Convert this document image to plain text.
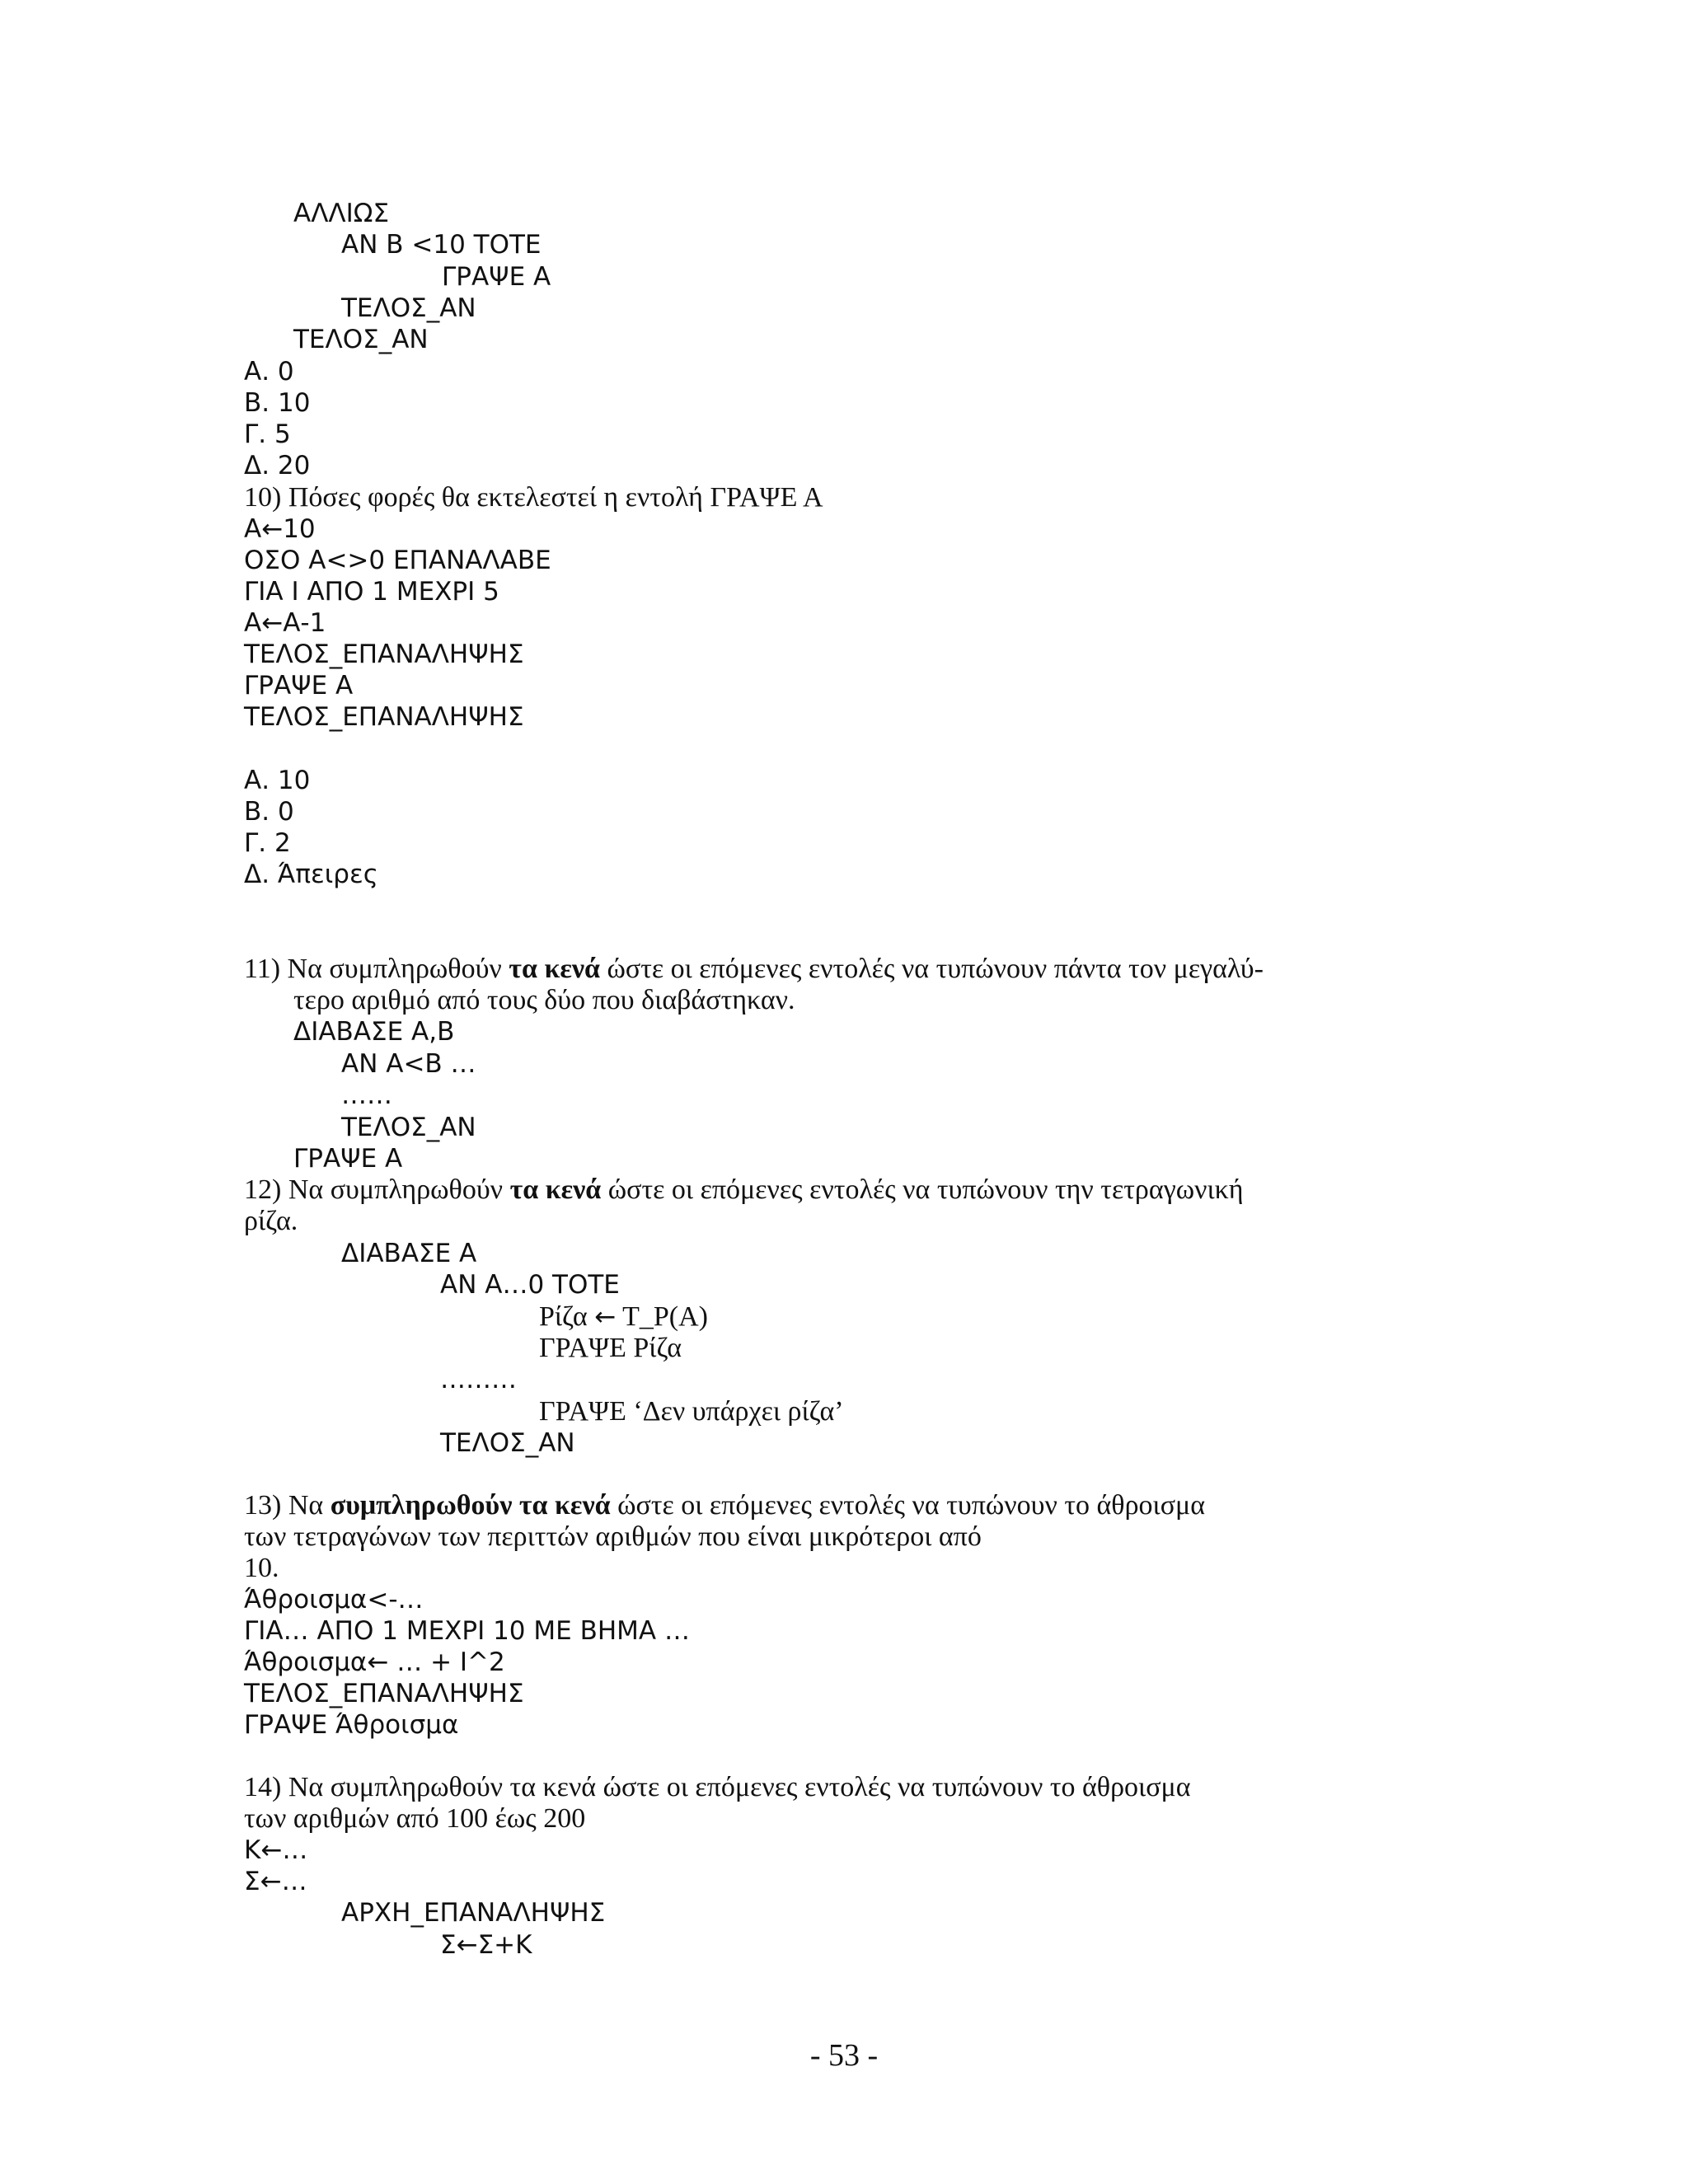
ΑΛΛΙΩΣ

ΑΝ Β <10 ΤΟΤΕ

ΓΡΑΨΕ Α

ΤΕΛΟΣ_ΑΝ

ΤΕΛΟΣ_ΑΝ

Α. 0

Β. 10

Γ. 5

Δ. 20

10) Πόσες φορές θα εκτελεστεί η εντολή ΓΡΑΨΕ Α

Α←10

ΟΣΟ Α<>0 ΕΠΑΝΑΛΑΒΕ

ΓΙΑ Ι ΑΠΟ 1 ΜΕΧΡΙ 5

Α←Α-1

ΤΕΛΟΣ_ΕΠΑΝΑΛΗΨΗΣ

ΓΡΑΨΕ Α

ΤΕΛΟΣ_ΕΠΑΝΑΛΗΨΗΣ

Α. 10

Β. 0

Γ. 2

Δ. Άπειρες

11) Να συμπληρωθούν τα κενά ώστε οι επόμενες εντολές να τυπώνουν πάντα τον μεγαλύ-

τερο αριθμό από τους δύο που διαβάστηκαν.

ΔΙΑΒΑΣΕ Α,Β

ΑΝ Α<Β …

……

ΤΕΛΟΣ_ΑΝ

ΓΡΑΨΕ Α

12) Να συμπληρωθούν τα κενά ώστε οι επόμενες εντολές να τυπώνουν την τετραγωνική

ρίζα.

ΔΙΑΒΑΣΕ Α

ΑΝ Α…0 ΤΟΤΕ

Ρίζα ← Τ_Ρ(Α)

ΓΡΑΨΕ Ρίζα

………

ΓΡΑΨΕ ‘Δεν υπάρχει ρίζα’

ΤΕΛΟΣ_ΑΝ

13) Να συμπληρωθούν τα κενά ώστε οι επόμενες εντολές να τυπώνουν το άθροισμα

των τετραγώνων των περιττών αριθμών που είναι μικρότεροι από

10.

Άθροισμα<-…

ΓΙΑ… ΑΠΟ 1 ΜΕΧΡΙ 10 ΜΕ ΒΗΜΑ …

Άθροισμα← … + Ι^2

ΤΕΛΟΣ_ΕΠΑΝΑΛΗΨΗΣ

ΓΡΑΨΕ Άθροισμα

14) Να συμπληρωθούν τα κενά ώστε οι επόμενες εντολές να τυπώνουν το άθροισμα

των αριθμών από 100 έως 200

Κ←…

Σ←…

ΑΡΧΗ_ΕΠΑΝΑΛΗΨΗΣ

Σ←Σ+Κ

- 53 -
